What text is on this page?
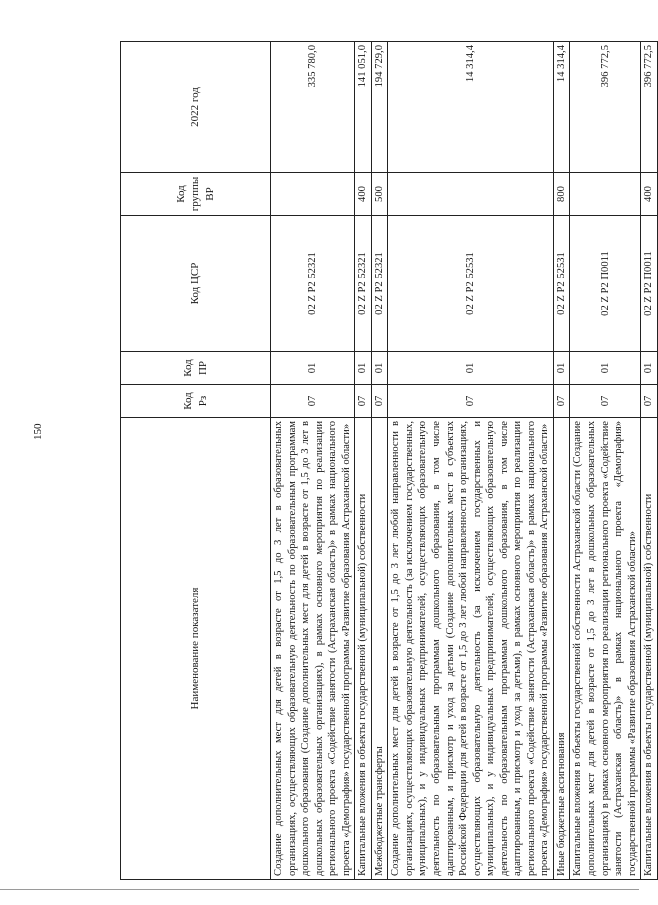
150
Наименование показателя	Код Рз	Код ПР	Код ЦСР	Код группы ВР	2022 год
Создание дополнительных мест для детей в возрасте от 1,5 до 3 лет в образовательных организациях, осуществляющих образовательную деятельность по образовательным программам дошкольного образования (Создание дополнительных мест для детей в возрасте от 1,5 до 3 лет в дошкольных образовательных организациях), в рамках основного мероприятия по реализации регионального проекта «Содействие занятости (Астраханская область)» в рамках национального проекта «Демография» государственной программы «Развитие образования Астраханской области»	07	01	02 Z P2 52321		335 780,0
Капитальные вложения в объекты государственной (муниципальной) собственности	07	01	02 Z P2 52321	400	141 051,0
Межбюджетные трансферты	07	01	02 Z P2 52321	500	194 729,0
Создание дополнительных мест для детей в возрасте от 1,5 до 3 лет любой направленности в организациях, осуществляющих образовательную деятельность (за исключением государственных, муниципальных), и у индивидуальных предпринимателей, осуществляющих образовательную деятельность по образовательным программам дошкольного образования, в том числе адаптированным, и присмотр и уход за детьми (Создание дополнительных мест в субъектах Российской Федерации для детей в возрасте от 1,5 до 3 лет любой направленности в организациях, осуществляющих образовательную деятельность (за исключением государственных и муниципальных), и у индивидуальных предпринимателей, осуществляющих образовательную деятельность по образовательным программам дошкольного образования, в том числе адаптированным, и присмотр и уход за детьми), в рамках основного мероприятия по реализации регионального проекта «Содействие занятости (Астраханская область)» в рамках национального проекта «Демография» государственной программы «Развитие образования Астраханской области»	07	01	02 Z P2 52531		14 314,4
Иные бюджетные ассигнования	07	01	02 Z P2 52531	800	14 314,4
Капитальные вложения в объекты государственной собственности Астраханской области (Создание дополнительных мест для детей в возрасте от 1,5 до 3 лет в дошкольных образовательных организациях) в рамках основного мероприятия по реализации регионального проекта «Содействие занятости (Астраханская область)» в рамках национального проекта «Демография» государственной программы «Развитие образования Астраханской области»	07	01	02 Z P2 П0011		396 772,5
Капитальные вложения в объекты государственной (муниципальной) собственности	07	01	02 Z P2 П0011	400	396 772,5
